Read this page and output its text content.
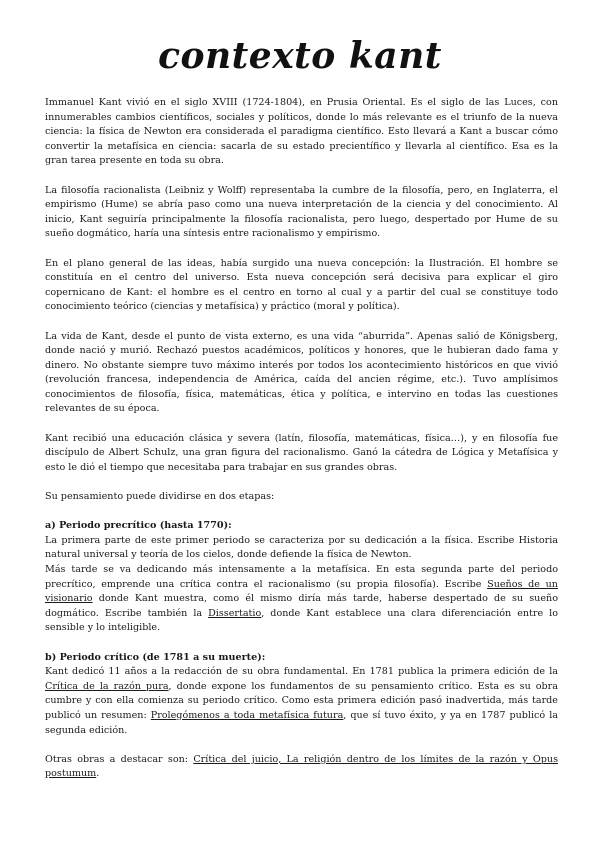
contexto kant

Immanuel Kant vivió en el siglo XVIII (1724-1804), en Prusia Oriental. Es el siglo de las Luces, con innumerables cambios científicos, sociales y políticos, donde lo más relevante es el triunfo de la nueva ciencia: la física de Newton era considerada el paradigma científico. Esto llevará a Kant a buscar cómo convertir la metafísica en ciencia: sacarla de su estado precientífico y llevarla al científico. Esa es la gran tarea presente en toda su obra.

La filosofía racionalista (Leibniz y Wolff) representaba la cumbre de la filosofía, pero, en Inglaterra, el empirismo (Hume) se abría paso como una nueva interpretación de la ciencia y del conocimiento. Al inicio, Kant seguiría principalmente la filosofía racionalista, pero luego, despertado por Hume de su sueño dogmático, haría una síntesis entre racionalismo y empirismo.

En el plano general de las ideas, había surgido una nueva concepción: la Ilustración. El hombre se constituía en el centro del universo. Esta nueva concepción será decisiva para explicar el giro copernicano de Kant: el hombre es el centro en torno al cual y a partir del cual se constituye todo conocimiento teórico (ciencias y metafísica) y práctico (moral y política).

La vida de Kant, desde el punto de vista externo, es una vida “aburrida”. Apenas salió de Königsberg, donde nació y murió. Rechazó puestos académicos, políticos y honores, que le hubieran dado fama y dinero. No obstante siempre tuvo máximo interés por todos los acontecimiento históricos en que vivió (revolución francesa, independencia de América, caída del ancien régime, etc.). Tuvo amplísimos conocimientos de filosofía, física, matemáticas, ética y política, e intervino en todas las cuestiones relevantes de su época.

Kant recibió una educación clásica y severa (latín, filosofía, matemáticas, física…), y en filosofía fue discípulo de Albert Schulz, una gran figura del racionalismo. Ganó la cátedra de Lógica y Metafísica y esto le dió el tiempo que necesitaba para trabajar en sus grandes obras.

Su pensamiento puede dividirse en dos etapas:

a) Periodo precrítico (hasta 1770):

La primera parte de este primer periodo se caracteriza por su dedicación a la física. Escribe Historia natural universal y teoría de los cielos, donde defiende la física de Newton.

Más tarde se va dedicando más intensamente a la metafísica. En esta segunda parte del periodo precrítico, emprende una crítica contra el racionalismo (su propia filosofía). Escribe Sueños de un visionario donde Kant muestra, como él mismo diría más tarde, haberse despertado de su sueño dogmático. Escribe también la Dissertatio, donde Kant establece una clara diferenciación entre lo sensible y lo inteligible.

b) Periodo crítico (de 1781 a su muerte):

Kant dedicó 11 años a la redacción de su obra fundamental. En 1781 publica la primera edición de la Crítica de la razón pura, donde expone los fundamentos de su pensamiento crítico. Esta es su obra cumbre y con ella comienza su periodo crítico. Como esta primera edición pasó inadvertida, más tarde publicó un resumen: Prolegómenos a toda metafísica futura, que sí tuvo éxito, y ya en 1787 publicó la segunda edición.

Otras obras a destacar son: Crítica del juicio, La religión dentro de los límites de la razón y Opus postumum.
